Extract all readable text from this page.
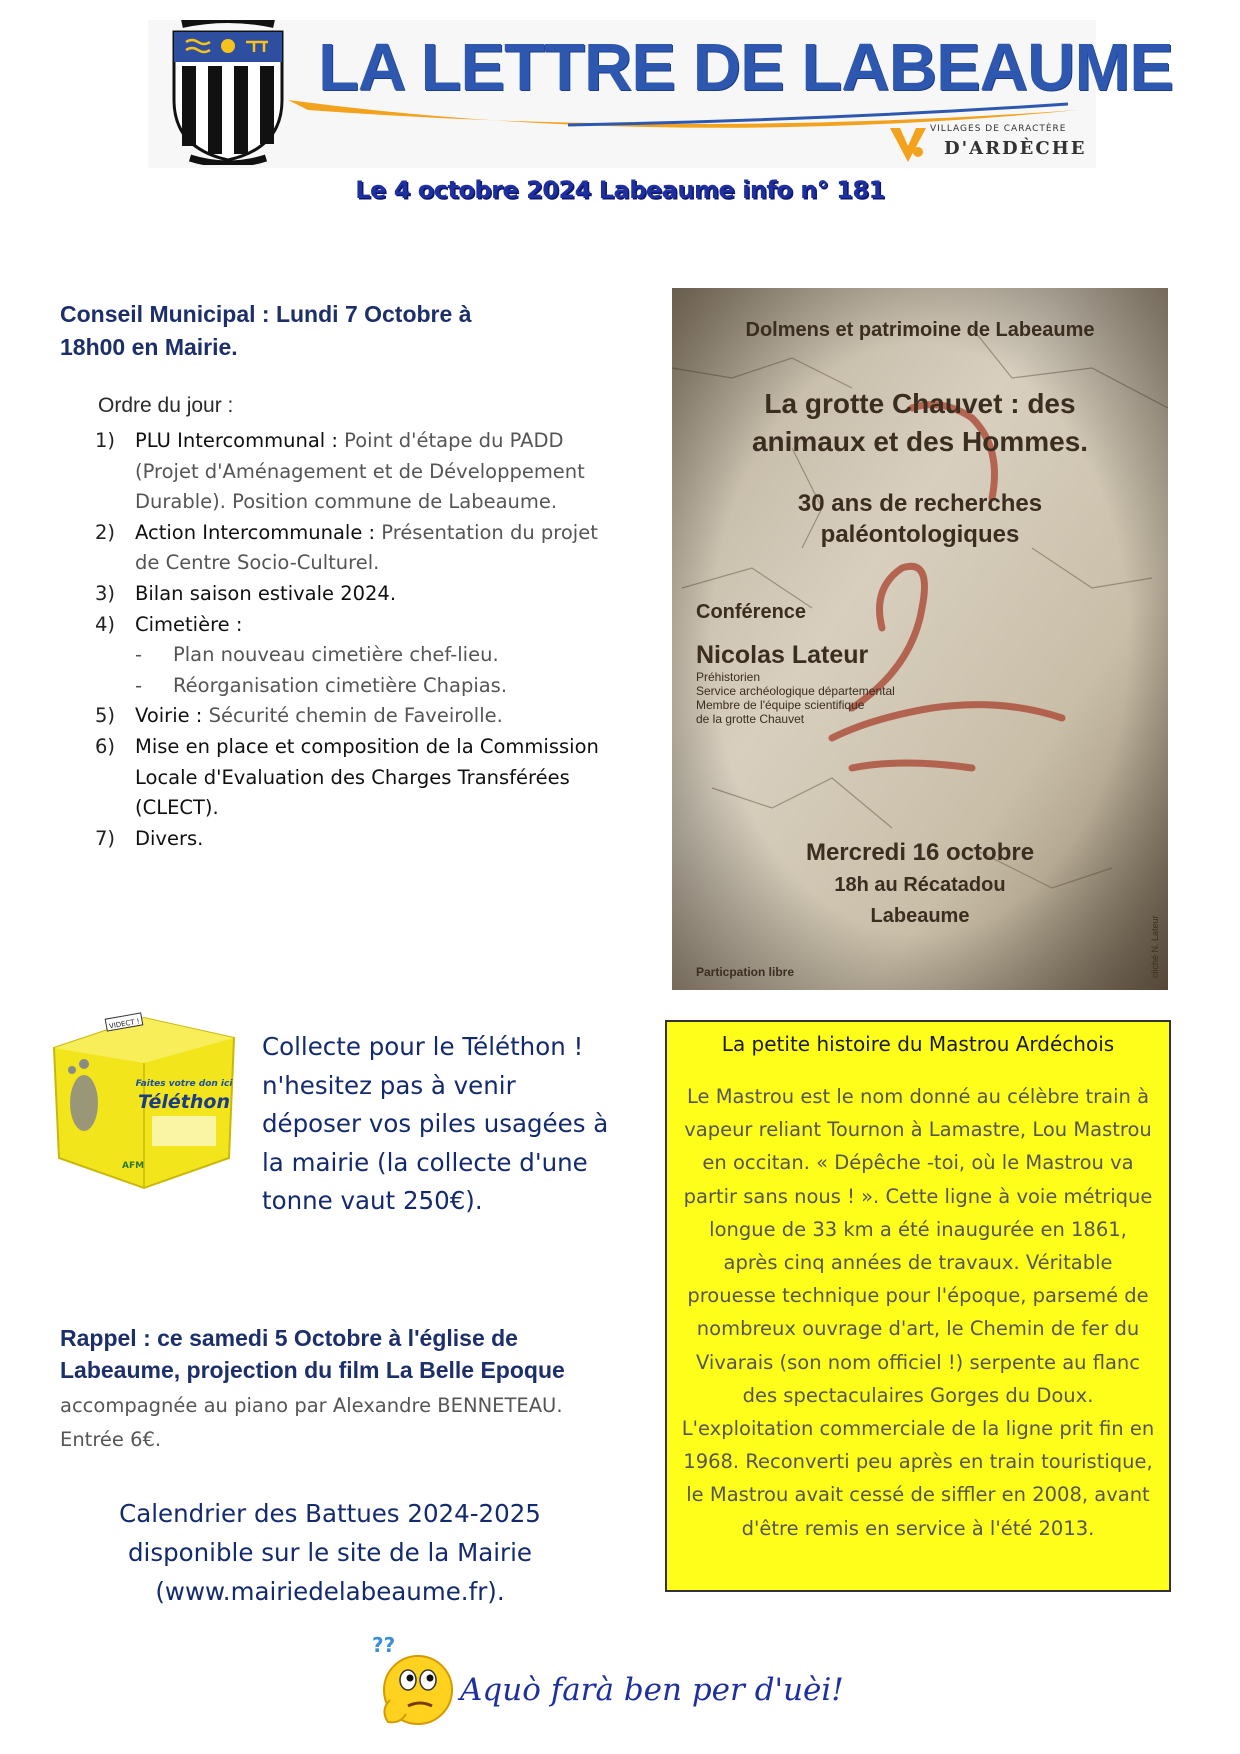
LA LETTRE DE LABEAUME
VILLAGES DE CARACTÈRE
D'ARDÈCHE
Le 4 octobre 2024 Labeaume info n° 181
Conseil Municipal : Lundi 7 Octobre à 18h00 en Mairie.
Ordre du jour :
1) PLU Intercommunal : Point d'étape du PADD (Projet d'Aménagement et de Développement Durable). Position commune de Labeaume.
2) Action Intercommunale : Présentation du projet de Centre Socio-Culturel.
3) Bilan saison estivale 2024.
4) Cimetière :
- Plan nouveau cimetière chef-lieu.
- Réorganisation cimetière Chapias.
5) Voirie : Sécurité chemin de Faveirolle.
6) Mise en place et composition de la Commission Locale d'Evaluation des Charges Transférées (CLECT).
7) Divers.
Dolmens et patrimoine de Labeaume
La grotte Chauvet : des
animaux et des Hommes.
30 ans de recherches
paléontologiques
Mercredi 16 octobre
18h au Récatadou
Labeaume
Conférence
Nicolas Lateur
Préhistorien
Service archéologique départemental
Membre de l'équipe scientifique
de la grotte Chauvet
Particpation libre	cliché N. Lateur
VIDECT !
Faites votre don ici
Téléthon
AFM
Collecte pour le Téléthon ! n'hesitez pas à venir déposer vos piles usagées à la mairie (la collecte d'une tonne vaut 250€).
Rappel : ce samedi 5 Octobre à l'église de Labeaume, projection du film La Belle Epoque accompagnée au piano par Alexandre BENNETEAU. Entrée 6€.
Calendrier des Battues 2024-2025
disponible sur le site de la Mairie
(www.mairiedelabeaume.fr).
La petite histoire du Mastrou Ardéchois
Le Mastrou est le nom donné au célèbre train à vapeur reliant Tournon à Lamastre, Lou Mastrou en occitan. « Dépêche -toi, où le Mastrou va partir sans nous ! ». Cette ligne à voie métrique longue de 33 km a été inaugurée en 1861, après cinq années de travaux. Véritable prouesse technique pour l'époque, parsemé de nombreux ouvrage d'art, le Chemin de fer du Vivarais (son nom officiel !) serpente au flanc des spectaculaires Gorges du Doux. L'exploitation commerciale de la ligne prit fin en 1968. Reconverti peu après en train touristique, le Mastrou avait cessé de siffler en 2008, avant d'être remis en service à l'été 2013.
??
Aquò farà ben per d'uèi!
